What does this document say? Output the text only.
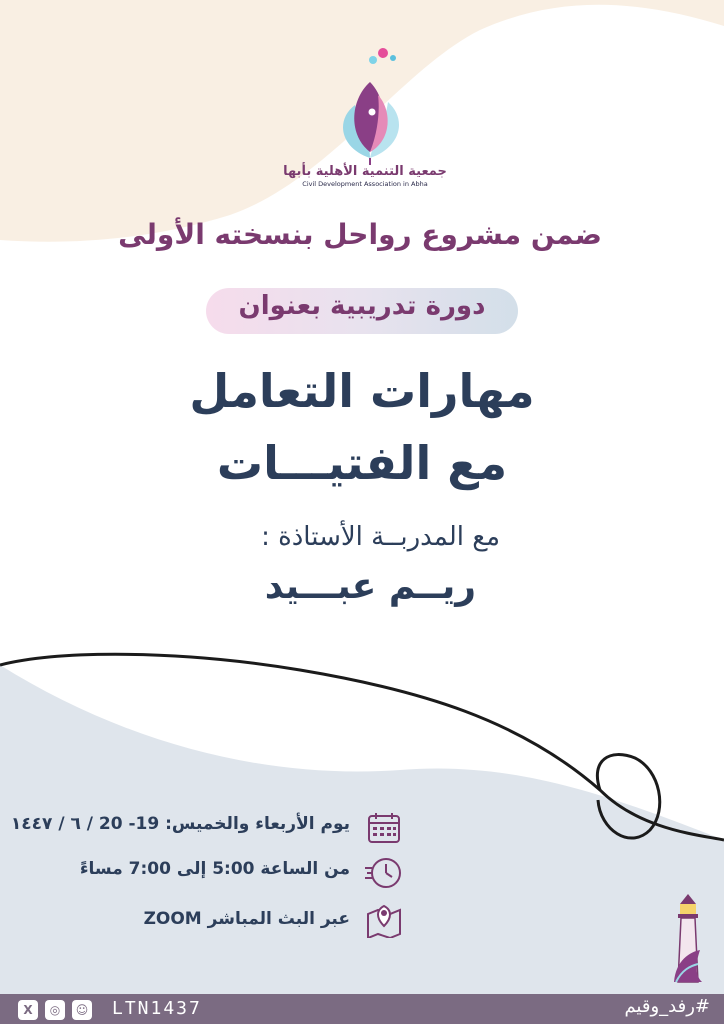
جمعية التنمية الأهلية بأبها
Civil Development Association in Abha
ضمن مشروع رواحل بنسخته الأولى
دورة تدريبية بعنوان
مهارات التعامل
مع الفتيـــات
مع المدربــة الأستاذة :
ريــم عبـــيد
يوم الأربعاء والخميس: 19- 20 / ٦ / ١٤٤٧
من الساعة 5:00 إلى 7:00 مساءً
عبر البث المباشر ZOOM
X	◎	☺ LTN1437	#رفد_وقيم
